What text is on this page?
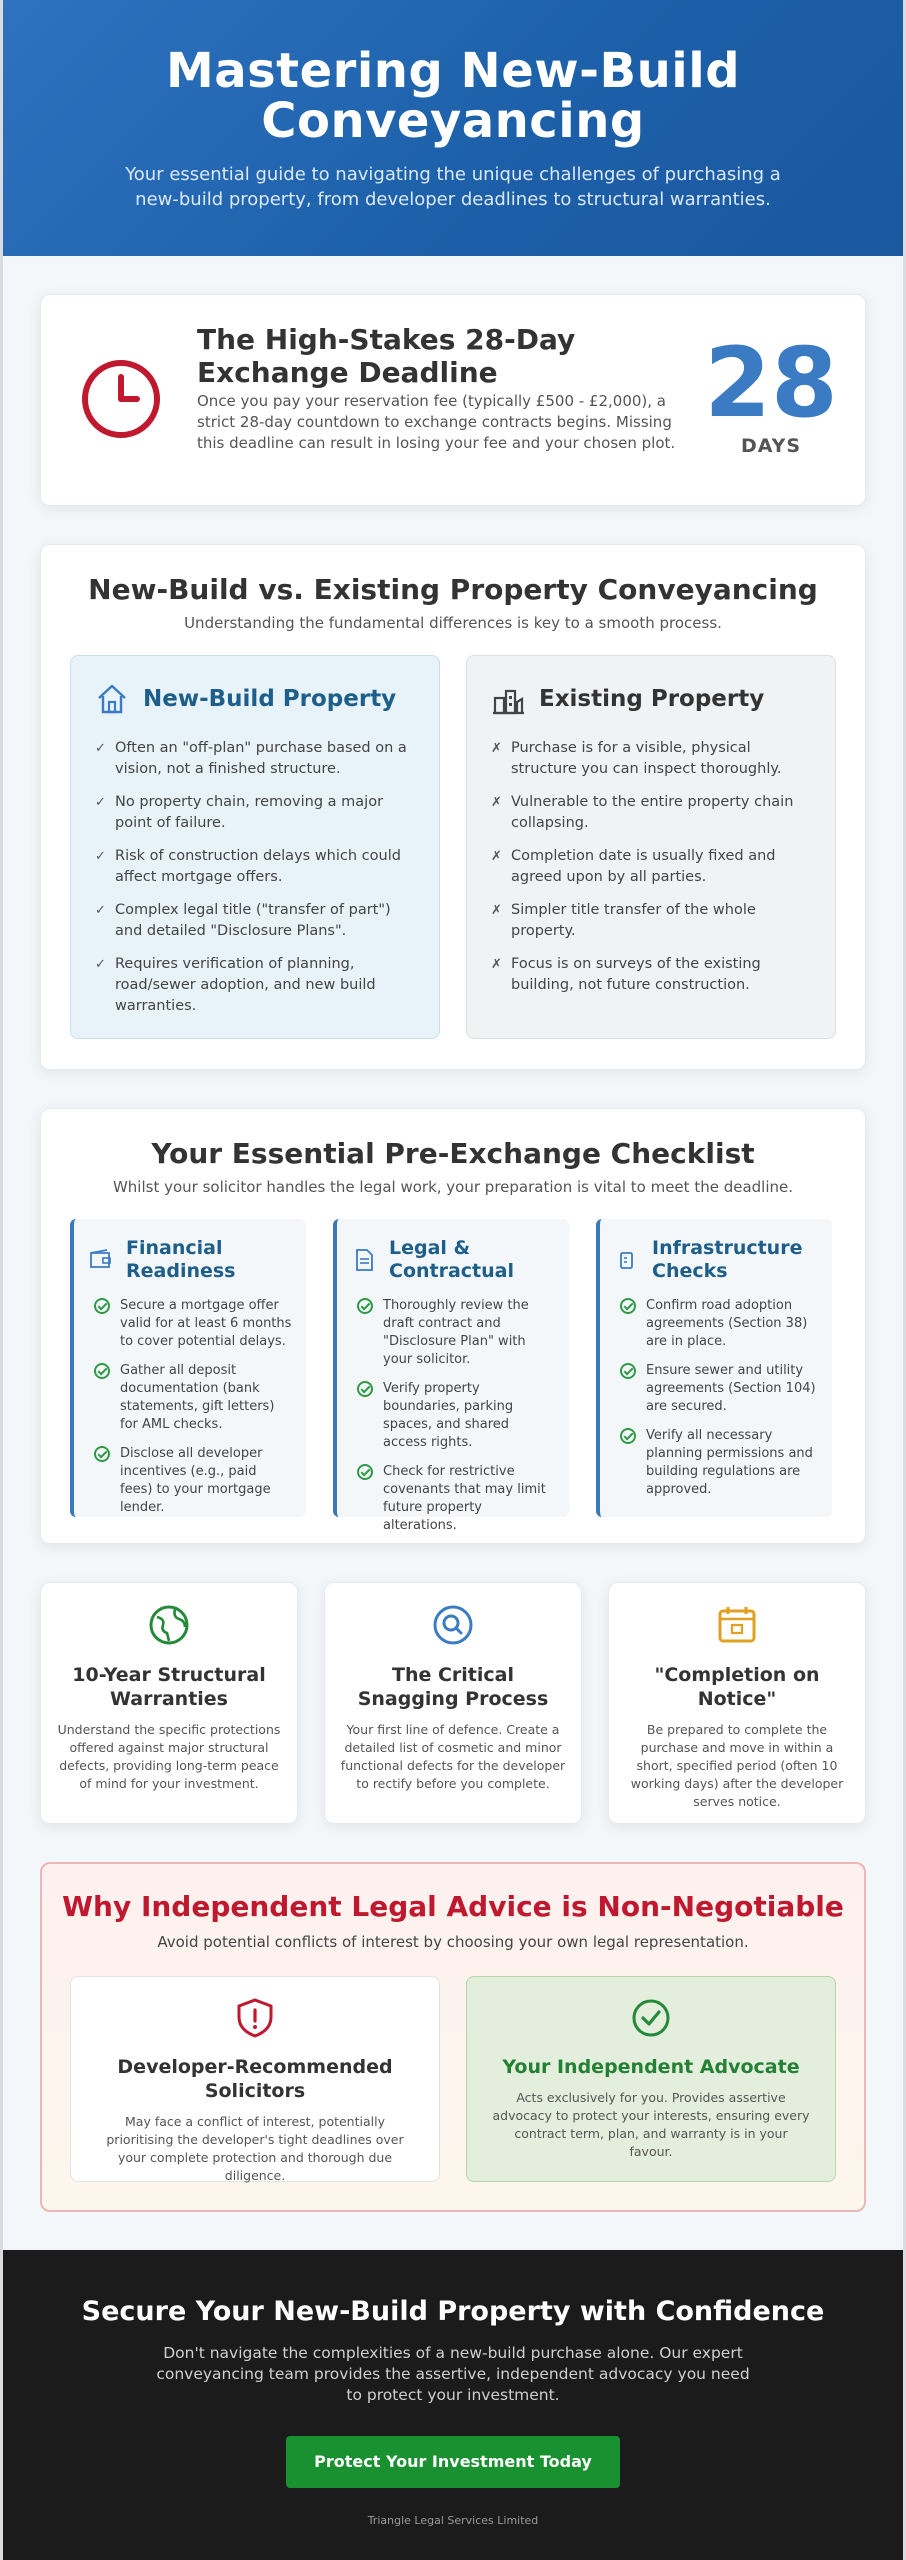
Mastering New-Build Conveyancing

Your essential guide to navigating the unique challenges of purchasing a new-build property, from developer deadlines to structural warranties.

The High-Stakes 28-Day Exchange Deadline

Once you pay your reservation fee (typically £500 - £2,000), a strict 28-day countdown to exchange contracts begins. Missing this deadline can result in losing your fee and your chosen plot.

28
DAYS
New-Build vs. Existing Property Conveyancing

Understanding the fundamental differences is key to a smooth process.

New-Build Property
✓ Often an "off-plan" purchase based on a vision, not a finished structure.
✓ No property chain, removing a major point of failure.
✓ Risk of construction delays which could affect mortgage offers.
✓ Complex legal title ("transfer of part") and detailed "Disclosure Plans".
✓ Requires verification of planning, road/sewer adoption, and new build warranties.
Existing Property
✗ Purchase is for a visible, physical structure you can inspect thoroughly.
✗ Vulnerable to the entire property chain collapsing.
✗ Completion date is usually fixed and agreed upon by all parties.
✗ Simpler title transfer of the whole property.
✗ Focus is on surveys of the existing building, not future construction.
Your Essential Pre-Exchange Checklist

Whilst your solicitor handles the legal work, your preparation is vital to meet the deadline.

Financial Readiness
Secure a mortgage offer valid for at least 6 months to cover potential delays.
Gather all deposit documentation (bank statements, gift letters) for AML checks.
Disclose all developer incentives (e.g., paid fees) to your mortgage lender.
Legal & Contractual
Thoroughly review the draft contract and "Disclosure Plan" with your solicitor.
Verify property boundaries, parking spaces, and shared access rights.
Check for restrictive covenants that may limit future property alterations.
Infrastructure Checks
Confirm road adoption agreements (Section 38) are in place.
Ensure sewer and utility agreements (Section 104) are secured.
Verify all necessary planning permissions and building regulations are approved.
10-Year Structural Warranties

Understand the specific protections offered against major structural defects, providing long-term peace of mind for your investment.

The Critical Snagging Process

Your first line of defence. Create a detailed list of cosmetic and minor functional defects for the developer to rectify before you complete.

"Completion on Notice"

Be prepared to complete the purchase and move in within a short, specified period (often 10 working days) after the developer serves notice.

Why Independent Legal Advice is Non-Negotiable

Avoid potential conflicts of interest by choosing your own legal representation.

Developer-Recommended Solicitors

May face a conflict of interest, potentially prioritising the developer's tight deadlines over your complete protection and thorough due diligence.

Your Independent Advocate

Acts exclusively for you. Provides assertive advocacy to protect your interests, ensuring every contract term, plan, and warranty is in your favour.

Secure Your New-Build Property with Confidence

Don't navigate the complexities of a new-build purchase alone. Our expert conveyancing team provides the assertive, independent advocacy you need to protect your investment.

Protect Your Investment Today
Triangle Legal Services Limited
